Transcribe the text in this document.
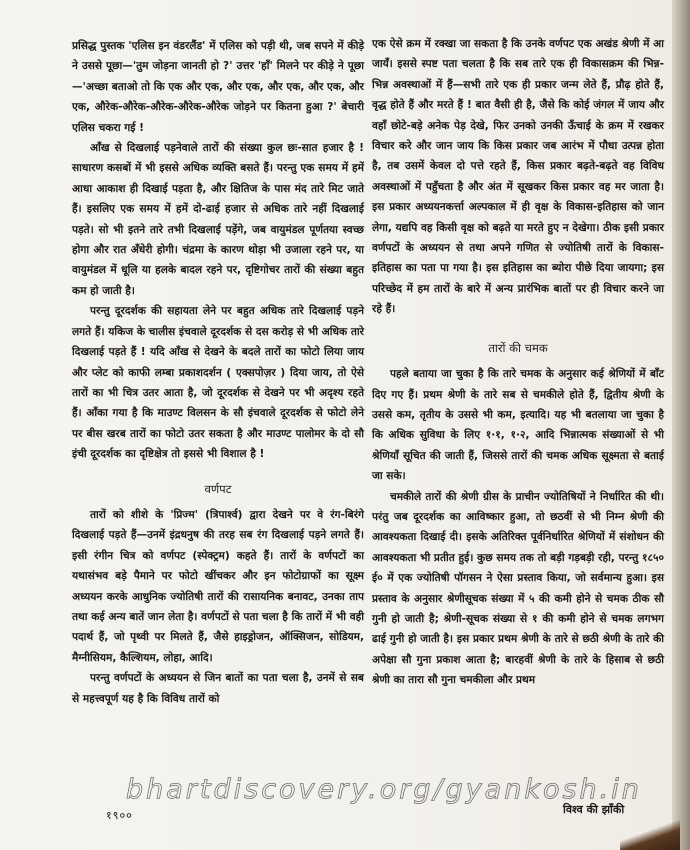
प्रसिद्ध पुस्तक 'एलिस इन वंडरलैंड' में एलिस को पड़ी थी, जब सपने में कीड़े ने उससे पूछा—'तुम जोड़ना जानती हो ?' उत्तर 'हाँ' मिलने पर कीड़े ने पूछा—'अच्छा बताओ तो कि एक और एक, और एक, और एक, और एक, और एक, औरेक-औरेक-औरेक-औरेक-औरेक जोड़ने पर कितना हुआ ?' बेचारी एलिस चकरा गई !

आँख से दिखलाई पड़नेवाले तारों की संख्या कुल छः-सात हजार है ! साधारण कसबों में भी इससे अधिक व्यक्ति बसते हैं। परन्तु एक समय में हमें आधा आकाश ही दिखाई पड़ता है, और क्षितिज के पास मंद तारे मिट जाते हैं। इसलिए एक समय में हमें दो-ढाई हजार से अधिक तारे नहीं दिखलाई पड़ते। सो भी इतने तारे तभी दिखलाई पड़ेंगे, जब वायुमंडल पूर्णतया स्वच्छ होगा और रात अँधेरी होगी। चंद्रमा के कारण थोड़ा भी उजाला रहने पर, या वायुमंडल में धूलि या हलके बादल रहने पर, दृष्टिगोचर तारों की संख्या बहुत कम हो जाती है।

परन्तु दूरदर्शक की सहायता लेने पर बहुत अधिक तारे दिखलाई पड़ने लगते हैं। यकिज के चालीस इंचवाले दूरदर्शक से दस करोड़ से भी अधिक तारे दिखलाई पड़ते हैं ! यदि आँख से देखने के बदले तारों का फोटो लिया जाय और प्लेट को काफी लम्बा प्रकाशदर्शन ( एक्सपोज़र ) दिया जाय, तो ऐसे तारों का भी चित्र उतर आता है, जो दूरदर्शक से देखने पर भी अदृश्य रहते हैं। आँका गया है कि माउण्ट विलसन के सौ इंचवाले दूरदर्शक से फोटो लेने पर बीस खरब तारों का फोटो उतर सकता है और माउण्ट पालोमर के दो सौ इंची दूरदर्शक का दृष्टिक्षेत्र तो इससे भी विशाल है !

वर्णपट

तारों को शीशे के 'प्रिज्म' (त्रिपार्श्व) द्वारा देखने पर वे रंग-बिरंगे दिखलाई पड़ते हैं—उनमें इंद्रधनुष की तरह सब रंग दिखलाई पड़ने लगते हैं। इसी रंगीन चित्र को वर्णपट (स्पेक्ट्रम) कहते हैं। तारों के वर्णपटों का यथासंभव बड़े पैमाने पर फोटो खींचकर और इन फोटोग्राफों का सूक्ष्म अध्ययन करके आधुनिक ज्योतिषी तारों की रासायनिक बनावट, उनका ताप तथा कई अन्य बातें जान लेता है। वर्णपटों से पता चला है कि तारों में भी वही पदार्थ हैं, जो पृथ्वी पर मिलते हैं, जैसे हाइड्रोजन, ऑक्सिजन, सोडियम, मैग्नीसियम, कैल्शियम, लोहा, आदि।

परन्तु वर्णपटों के अध्ययन से जिन बातों का पता चला है, उनमें से सब से महत्त्वपूर्ण यह है कि विविध तारों को

एक ऐसे क्रम में रक्खा जा सकता है कि उनके वर्णपट एक अखंड श्रेणी में आ जायँ। इससे स्पष्ट पता चलता है कि सब तारे एक ही विकासक्रम की भिन्न-भिन्न अवस्थाओं में हैं—सभी तारे एक ही प्रकार जन्म लेते हैं, प्रौढ़ होते हैं, वृद्ध होते हैं और मरते हैं ! बात वैसी ही है, जैसे कि कोई जंगल में जाय और वहाँ छोटे-बड़े अनेक पेड़ देखे, फिर उनको उनकी ऊँचाई के क्रम में रखकर विचार करे और जान जाय कि किस प्रकार जब आरंभ में पौधा उत्पन्न होता है, तब उसमें केवल दो पत्ते रहते हैं, किस प्रकार बढ़ते-बढ़ते वह विविध अवस्थाओं में पहुँचता है और अंत में सूखकर किस प्रकार वह मर जाता है। इस प्रकार अध्ययनकर्त्ता अल्पकाल में ही वृक्ष के विकास-इतिहास को जान लेगा, यद्यपि वह किसी वृक्ष को बढ़ते या मरते हुए न देखेगा। ठीक इसी प्रकार वर्णपटों के अध्ययन से तथा अपने गणित से ज्योतिषी तारों के विकास-इतिहास का पता पा गया है। इस इतिहास का ब्योरा पीछे दिया जायगा; इस परिच्छेद में हम तारों के बारे में अन्य प्रारंभिक बातों पर ही विचार करने जा रहे हैं।

तारों की चमक

पहले बताया जा चुका है कि तारे चमक के अनुसार कई श्रेणियों में बाँट दिए गए हैं। प्रथम श्रेणी के तारे सब से चमकीले होते हैं, द्वितीय श्रेणी के उससे कम, तृतीय के उससे भी कम, इत्यादि। यह भी बतलाया जा चुका है कि अधिक सुविधा के लिए १·१, १·२, आदि भिन्नात्मक संख्याओं से भी श्रेणियाँ सूचित की जाती हैं, जिससे तारों की चमक अधिक सूक्ष्मता से बताई जा सके।

चमकीले तारों की श्रेणी ग्रीस के प्राचीन ज्योतिषियों ने निर्धारित की थी। परंतु जब दूरदर्शक का आविष्कार हुआ, तो छठवीं से भी निम्न श्रेणी की आवश्यकता दिखाई दी। इसके अतिरिक्त पूर्वनिर्धारित श्रेणियों में संशोधन की आवश्यकता भी प्रतीत हुई। कुछ समय तक तो बड़ी गड़बड़ी रही, परन्तु १८५० ई० में एक ज्योतिषी पॉगसन ने ऐसा प्रस्ताव किया, जो सर्वमान्य हुआ। इस प्रस्ताव के अनुसार श्रेणीसूचक संख्या में ५ की कमी होने से चमक ठीक सौ गुनी हो जाती है; श्रेणी-सूचक संख्या से १ की कमी होने से चमक लगभग ढाई गुनी हो जाती है। इस प्रकार प्रथम श्रेणी के तारे से छठी श्रेणी के तारे की अपेक्षा सौ गुना प्रकाश आता है; बारहवीं श्रेणी के तारे के हिसाब से छठी श्रेणी का तारा सौ गुना चमकीला और प्रथम

bhartdiscovery.org/gyankosh.in
१९००	विश्व की झाँकी
